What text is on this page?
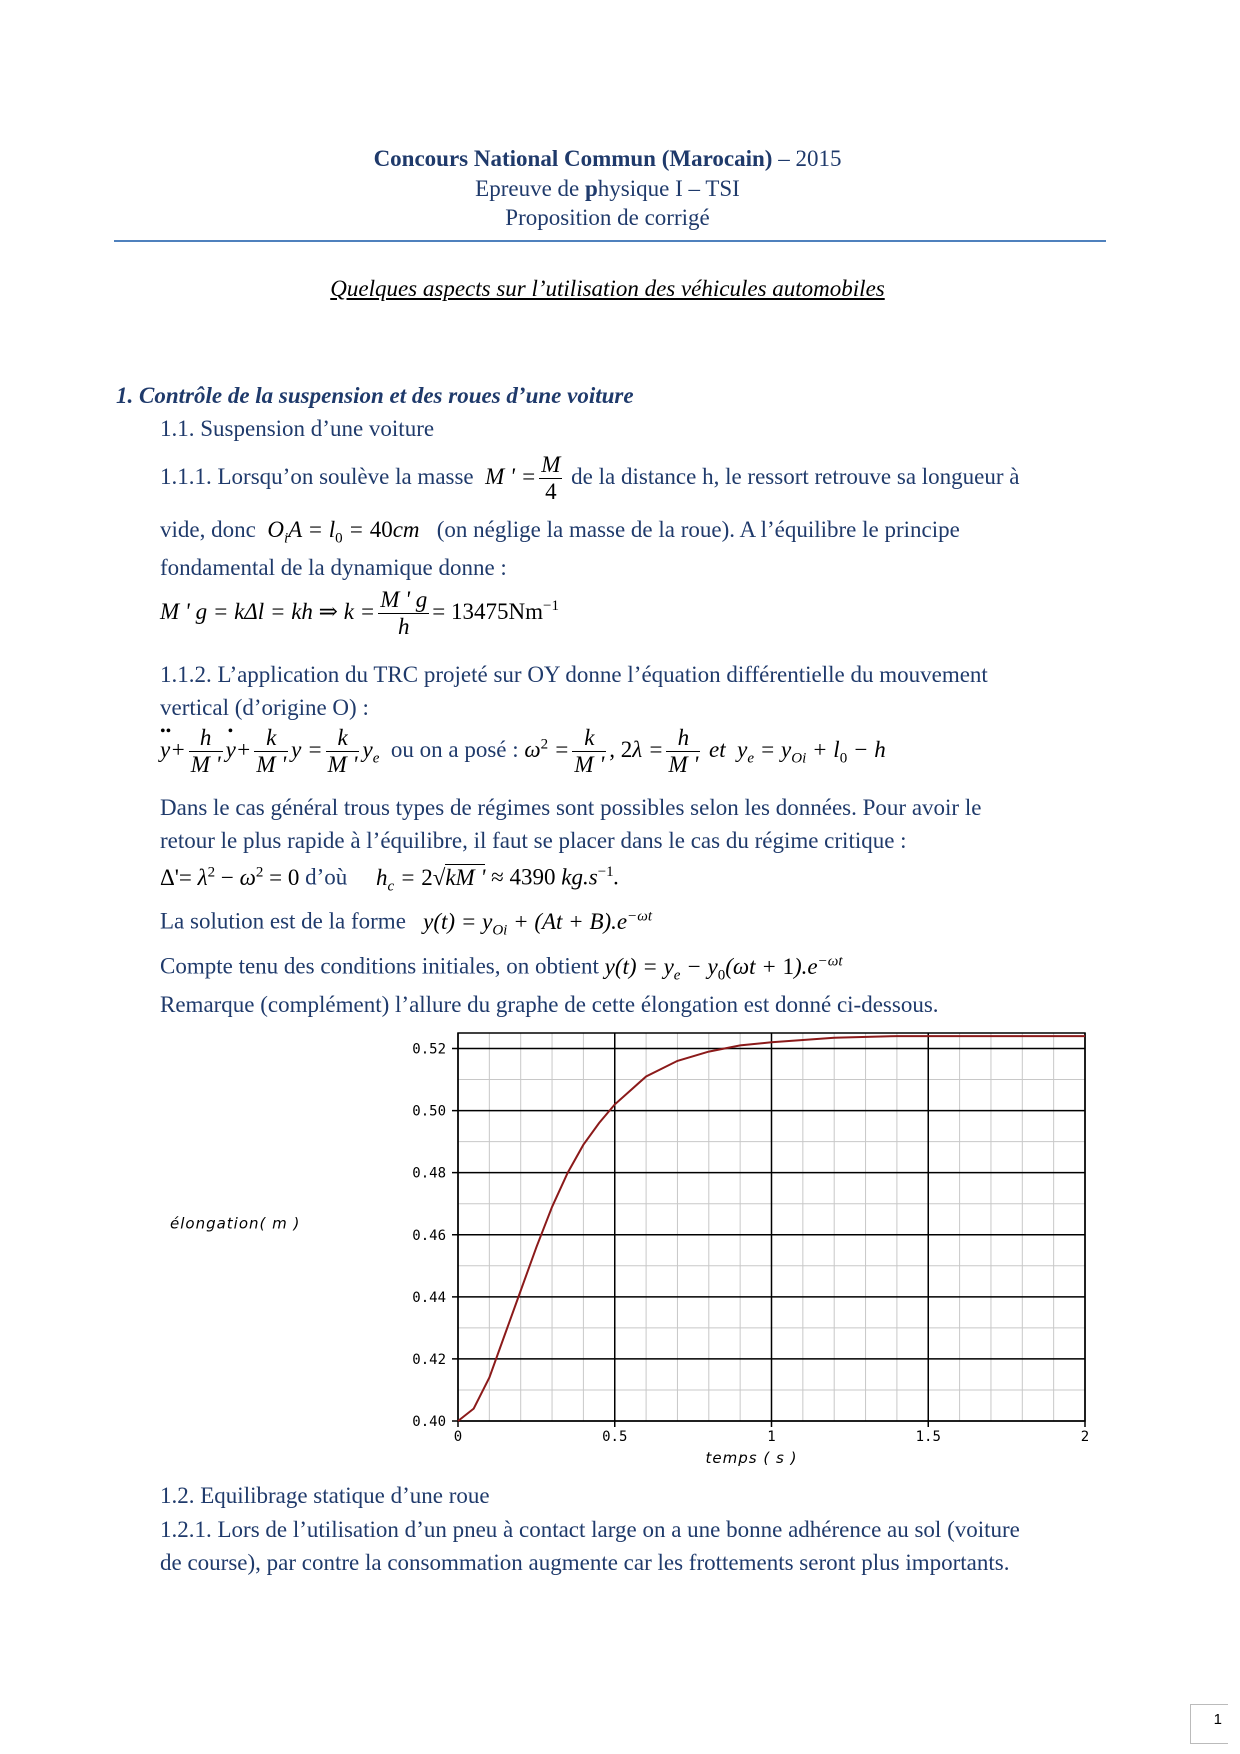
Concours National Commun (Marocain) – 2015
Epreuve de physique I – TSI
Proposition de corrigé
Quelques aspects sur l’utilisation des véhicules automobiles
1. Contrôle de la suspension et des roues d’une voiture
1.1. Suspension d’une voiture
1.1.1. Lorsqu’on soulève la masse  M ' = $\frac{M}{4}$ de la distance h, le ressort retrouve sa longueur à
vide, donc  $O_iA = l_0 = 40cm$ (on néglige la masse de la roue). A l’équilibre le principe
fondamental de la dynamique donne :
M ' g = kΔl = kh ⇒ $k = \frac{M ' g}{h} = 13475Nm^{-1}$
1.1.2. L’application du TRC projeté sur OY donne l’équation différentielle du mouvement
vertical (d’origine O) :
y
••
+ $\frac{h}{M '}$ y
•
+ $\frac{k}{M '}$ $y = \frac{k}{M '} y_e$ ou on a posé : $\omega^2 = \frac{k}{M '}$ , $2\lambda = \frac{h}{M '}$ et  $y_e = y_{Oi} + l_0 - h$
Dans le cas général trous types de régimes sont possibles selon les données. Pour avoir le
retour le plus rapide à l’équilibre, il faut se placer dans le cas du régime critique :
$\Delta'= \lambda^2 - \omega^2 = 0$ d’où $h_c = 2√kM$ ' ≈ 4390 $kg.s^{-1}$.
La solution est de la forme $y(t) = y_{Oi} + (At + B).e^{-\omega t}$
Compte tenu des conditions initiales, on obtient $y(t) = y_e - y_0(\omega t + 1).e^{-\omega t}$
Remarque (complément) l’allure du graphe de cette élongation est donné ci-dessous.
0	0.5	1	1.5	2
0.40
0.42
0.44
0.46
0.48
0.50
0.52
élongation( m )
temps ( s )
1.2. Equilibrage statique d’une roue
1.2.1. Lors de l’utilisation d’un pneu à contact large on a une bonne adhérence au sol (voiture
de course), par contre la consommation augmente car les frottements seront plus importants.
1
